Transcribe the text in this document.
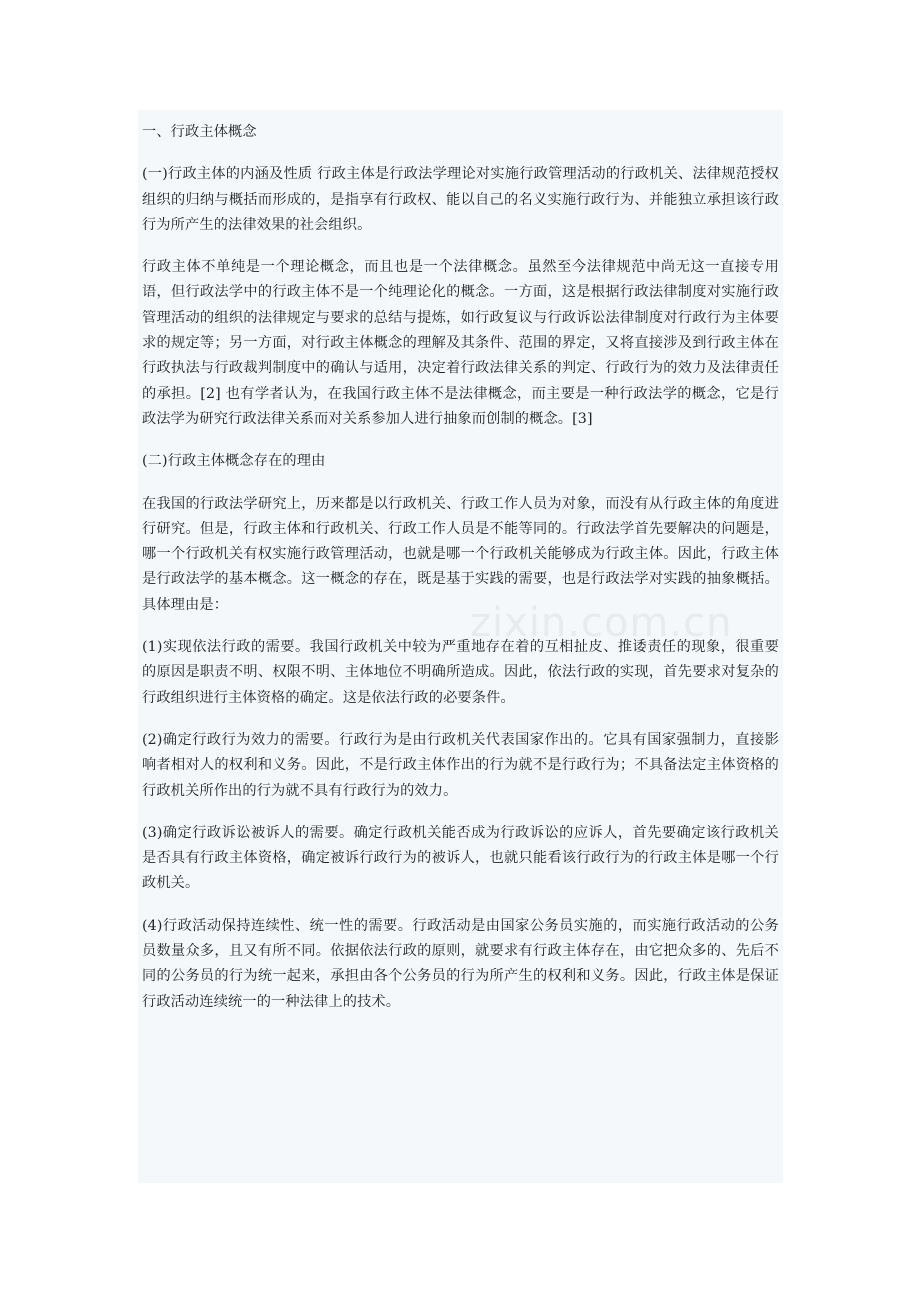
一、行政主体概念

(一)行政主体的内涵及性质 行政主体是行政法学理论对实施行政管理活动的行政机关、法律规范授权组织的归纳与概括而形成的，是指享有行政权、能以自己的名义实施行政行为、并能独立承担该行政行为所产生的法律效果的社会组织。

行政主体不单纯是一个理论概念，而且也是一个法律概念。虽然至今法律规范中尚无这一直接专用语，但行政法学中的行政主体不是一个纯理论化的概念。一方面，这是根据行政法律制度对实施行政管理活动的组织的法律规定与要求的总结与提炼，如行政复议与行政诉讼法律制度对行政行为主体要求的规定等；另一方面，对行政主体概念的理解及其条件、范围的界定，又将直接涉及到行政主体在行政执法与行政裁判制度中的确认与适用，决定着行政法律关系的判定、行政行为的效力及法律责任的承担。[2] 也有学者认为，在我国行政主体不是法律概念，而主要是一种行政法学的概念，它是行政法学为研究行政法律关系而对关系参加人进行抽象而创制的概念。[3]

(二)行政主体概念存在的理由

在我国的行政法学研究上，历来都是以行政机关、行政工作人员为对象，而没有从行政主体的角度进行研究。但是，行政主体和行政机关、行政工作人员是不能等同的。行政法学首先要解决的问题是，哪一个行政机关有权实施行政管理活动，也就是哪一个行政机关能够成为行政主体。因此，行政主体是行政法学的基本概念。这一概念的存在，既是基于实践的需要，也是行政法学对实践的抽象概括。具体理由是：

(1)实现依法行政的需要。我国行政机关中较为严重地存在着的互相扯皮、推诿责任的现象，很重要的原因是职责不明、权限不明、主体地位不明确所造成。因此，依法行政的实现，首先要求对复杂的行政组织进行主体资格的确定。这是依法行政的必要条件。

(2)确定行政行为效力的需要。行政行为是由行政机关代表国家作出的。它具有国家强制力，直接影响者相对人的权利和义务。因此，不是行政主体作出的行为就不是行政行为；不具备法定主体资格的行政机关所作出的行为就不具有行政行为的效力。

(3)确定行政诉讼被诉人的需要。确定行政机关能否成为行政诉讼的应诉人，首先要确定该行政机关是否具有行政主体资格，确定被诉行政行为的被诉人，也就只能看该行政行为的行政主体是哪一个行政机关。

(4)行政活动保持连续性、统一性的需要。行政活动是由国家公务员实施的，而实施行政活动的公务员数量众多，且又有所不同。依据依法行政的原则，就要求有行政主体存在，由它把众多的、先后不同的公务员的行为统一起来，承担由各个公务员的行为所产生的权利和义务。因此，行政主体是保证行政活动连续统一的一种法律上的技术。

zixin.com.cn
